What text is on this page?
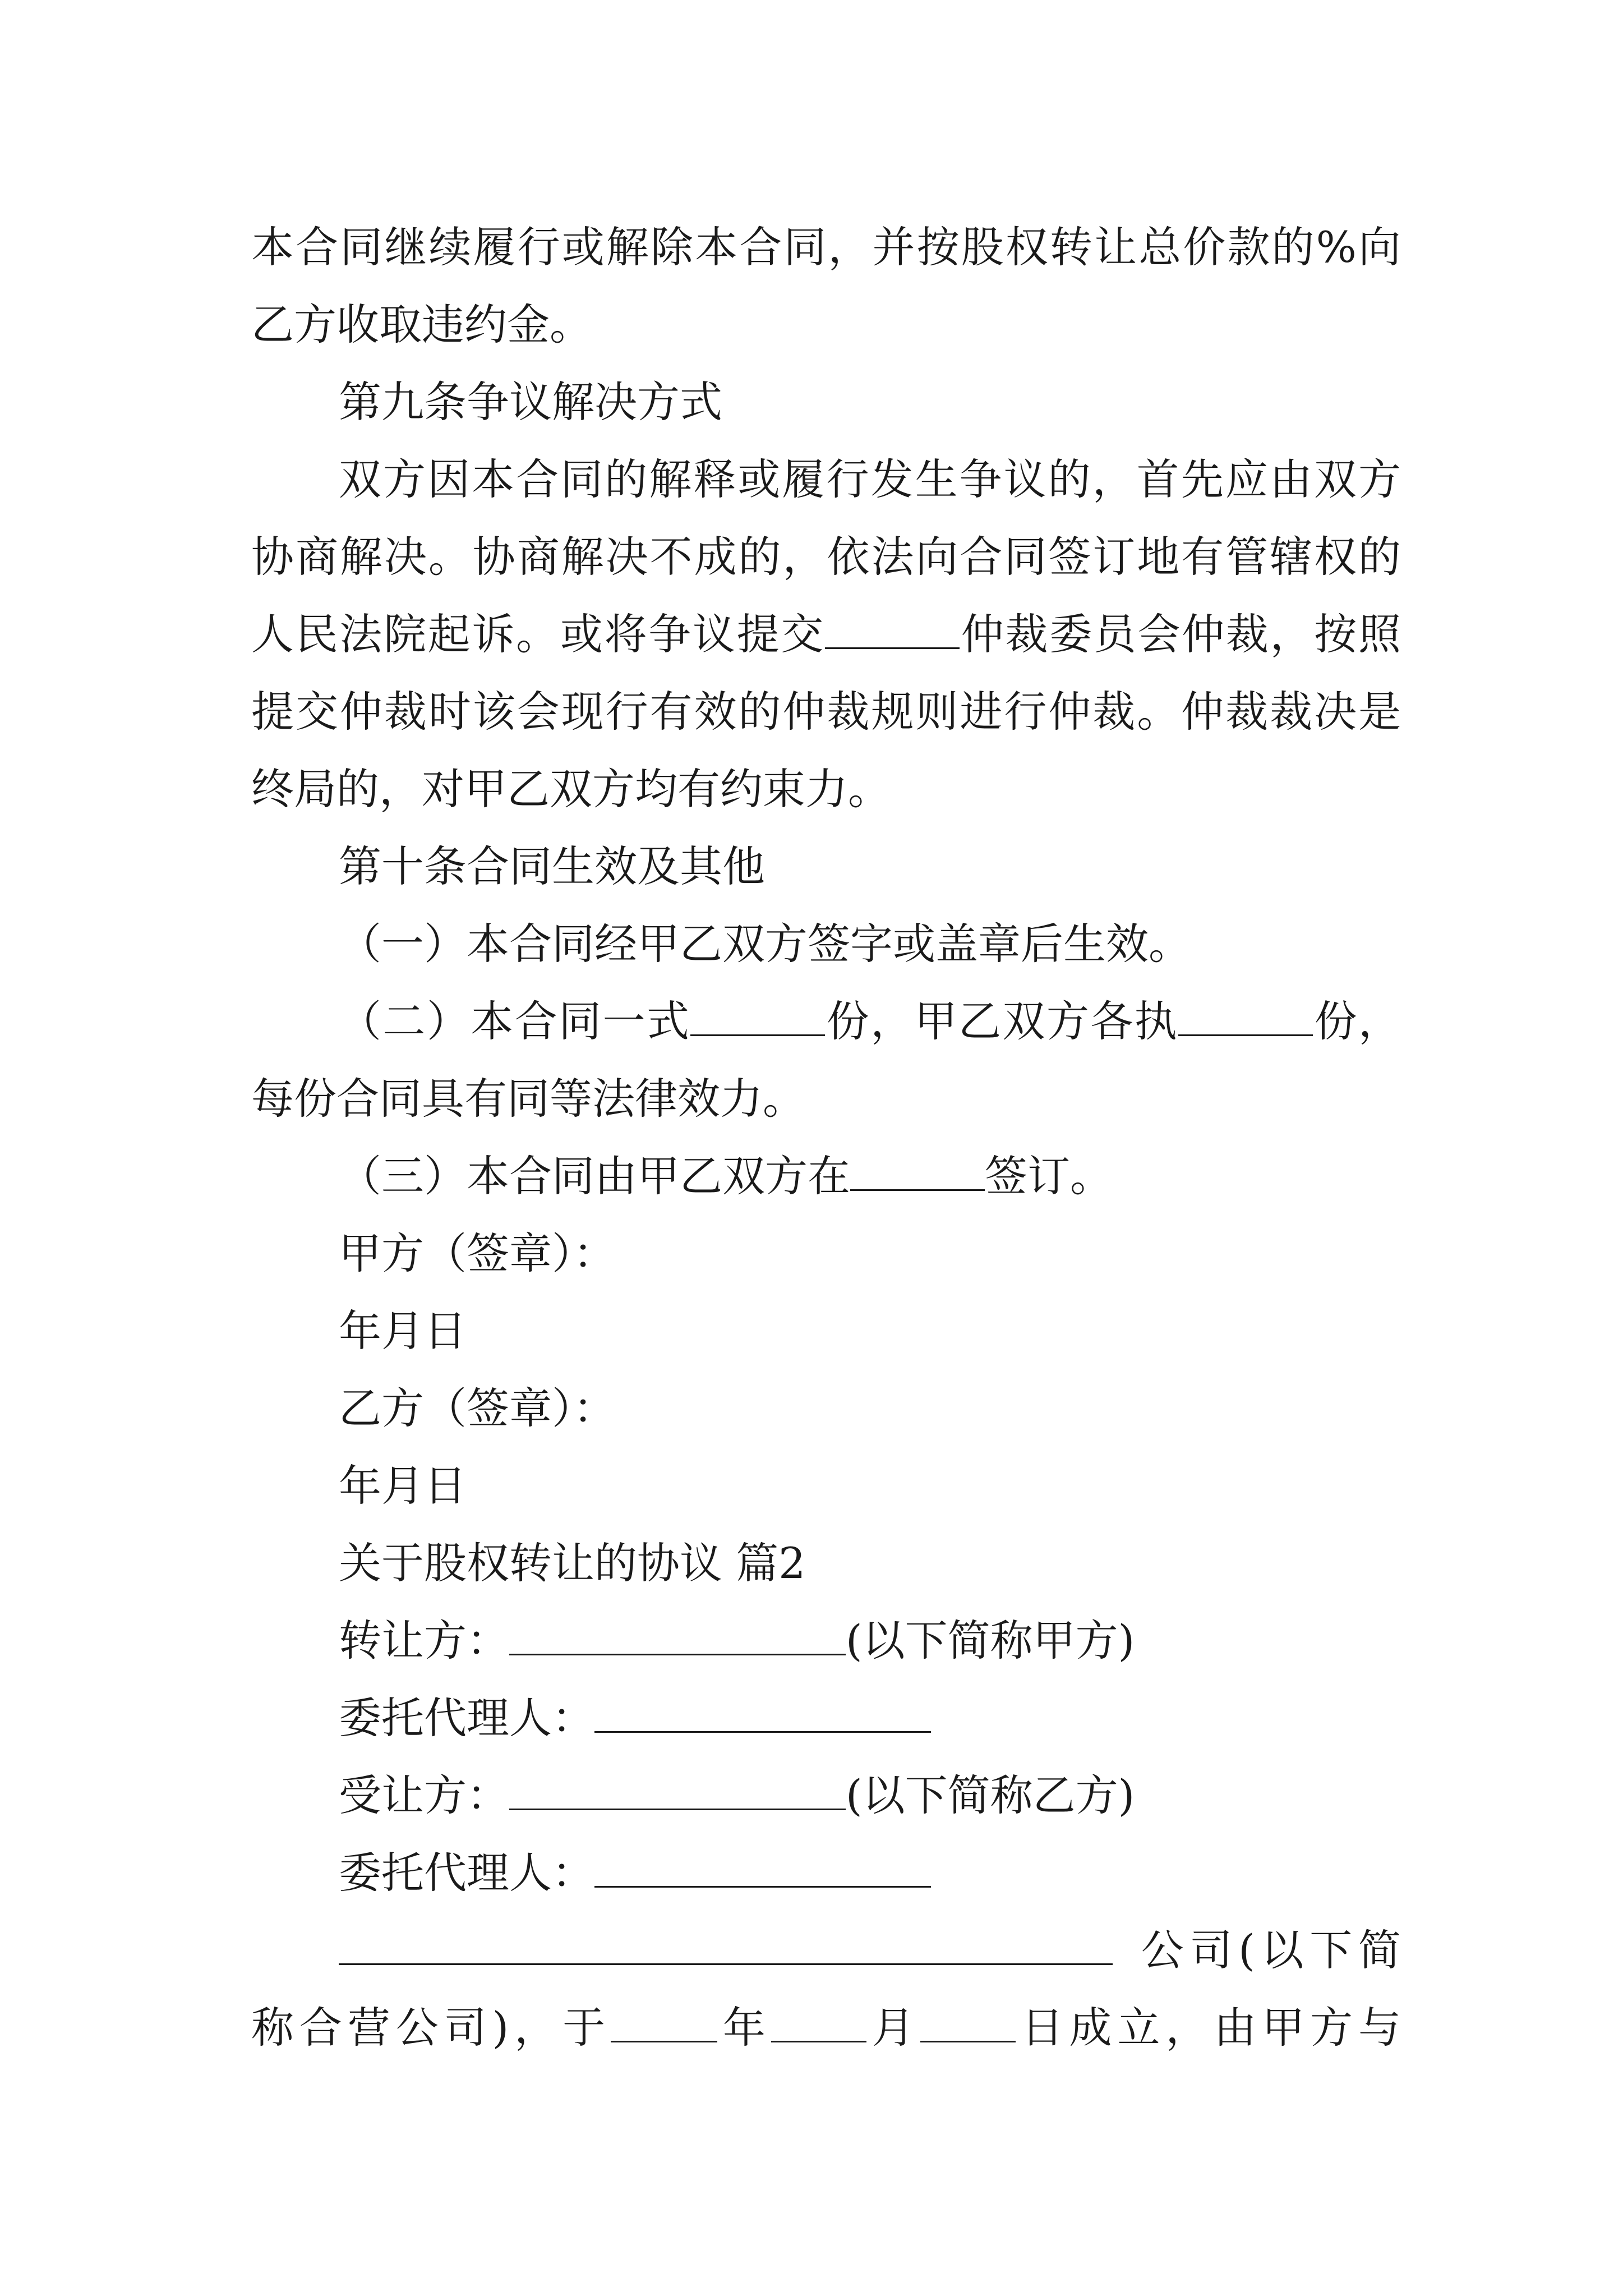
本合同继续履行或解除本合同，并按股权转让总价款的%向
乙方收取违约金。
第九条争议解决方式
双方因本合同的解释或履行发生争议的，首先应由双方
协商解决。协商解决不成的，依法向合同签订地有管辖权的
人民法院起诉。或将争议提交	仲裁委员会仲裁，按照
提交仲裁时该会现行有效的仲裁规则进行仲裁。仲裁裁决是
终局的，对甲乙双方均有约束力。
第十条合同生效及其他
（一）本合同经甲乙双方签字或盖章后生效。
（二）本合同一式	份，甲乙双方各执	份，
每份合同具有同等法律效力。
（三）本合同由甲乙双方在	签订。
甲方（签章）：
年月日
乙方（签章）：
年月日
关于股权转让的协议 篇2
转让方：	(以下简称甲方)
委托代理人：
受让方：	(以下简称乙方)
委托代理人：
公司(以下简
称合营公司)，于	年 月 日成立，由甲方与
